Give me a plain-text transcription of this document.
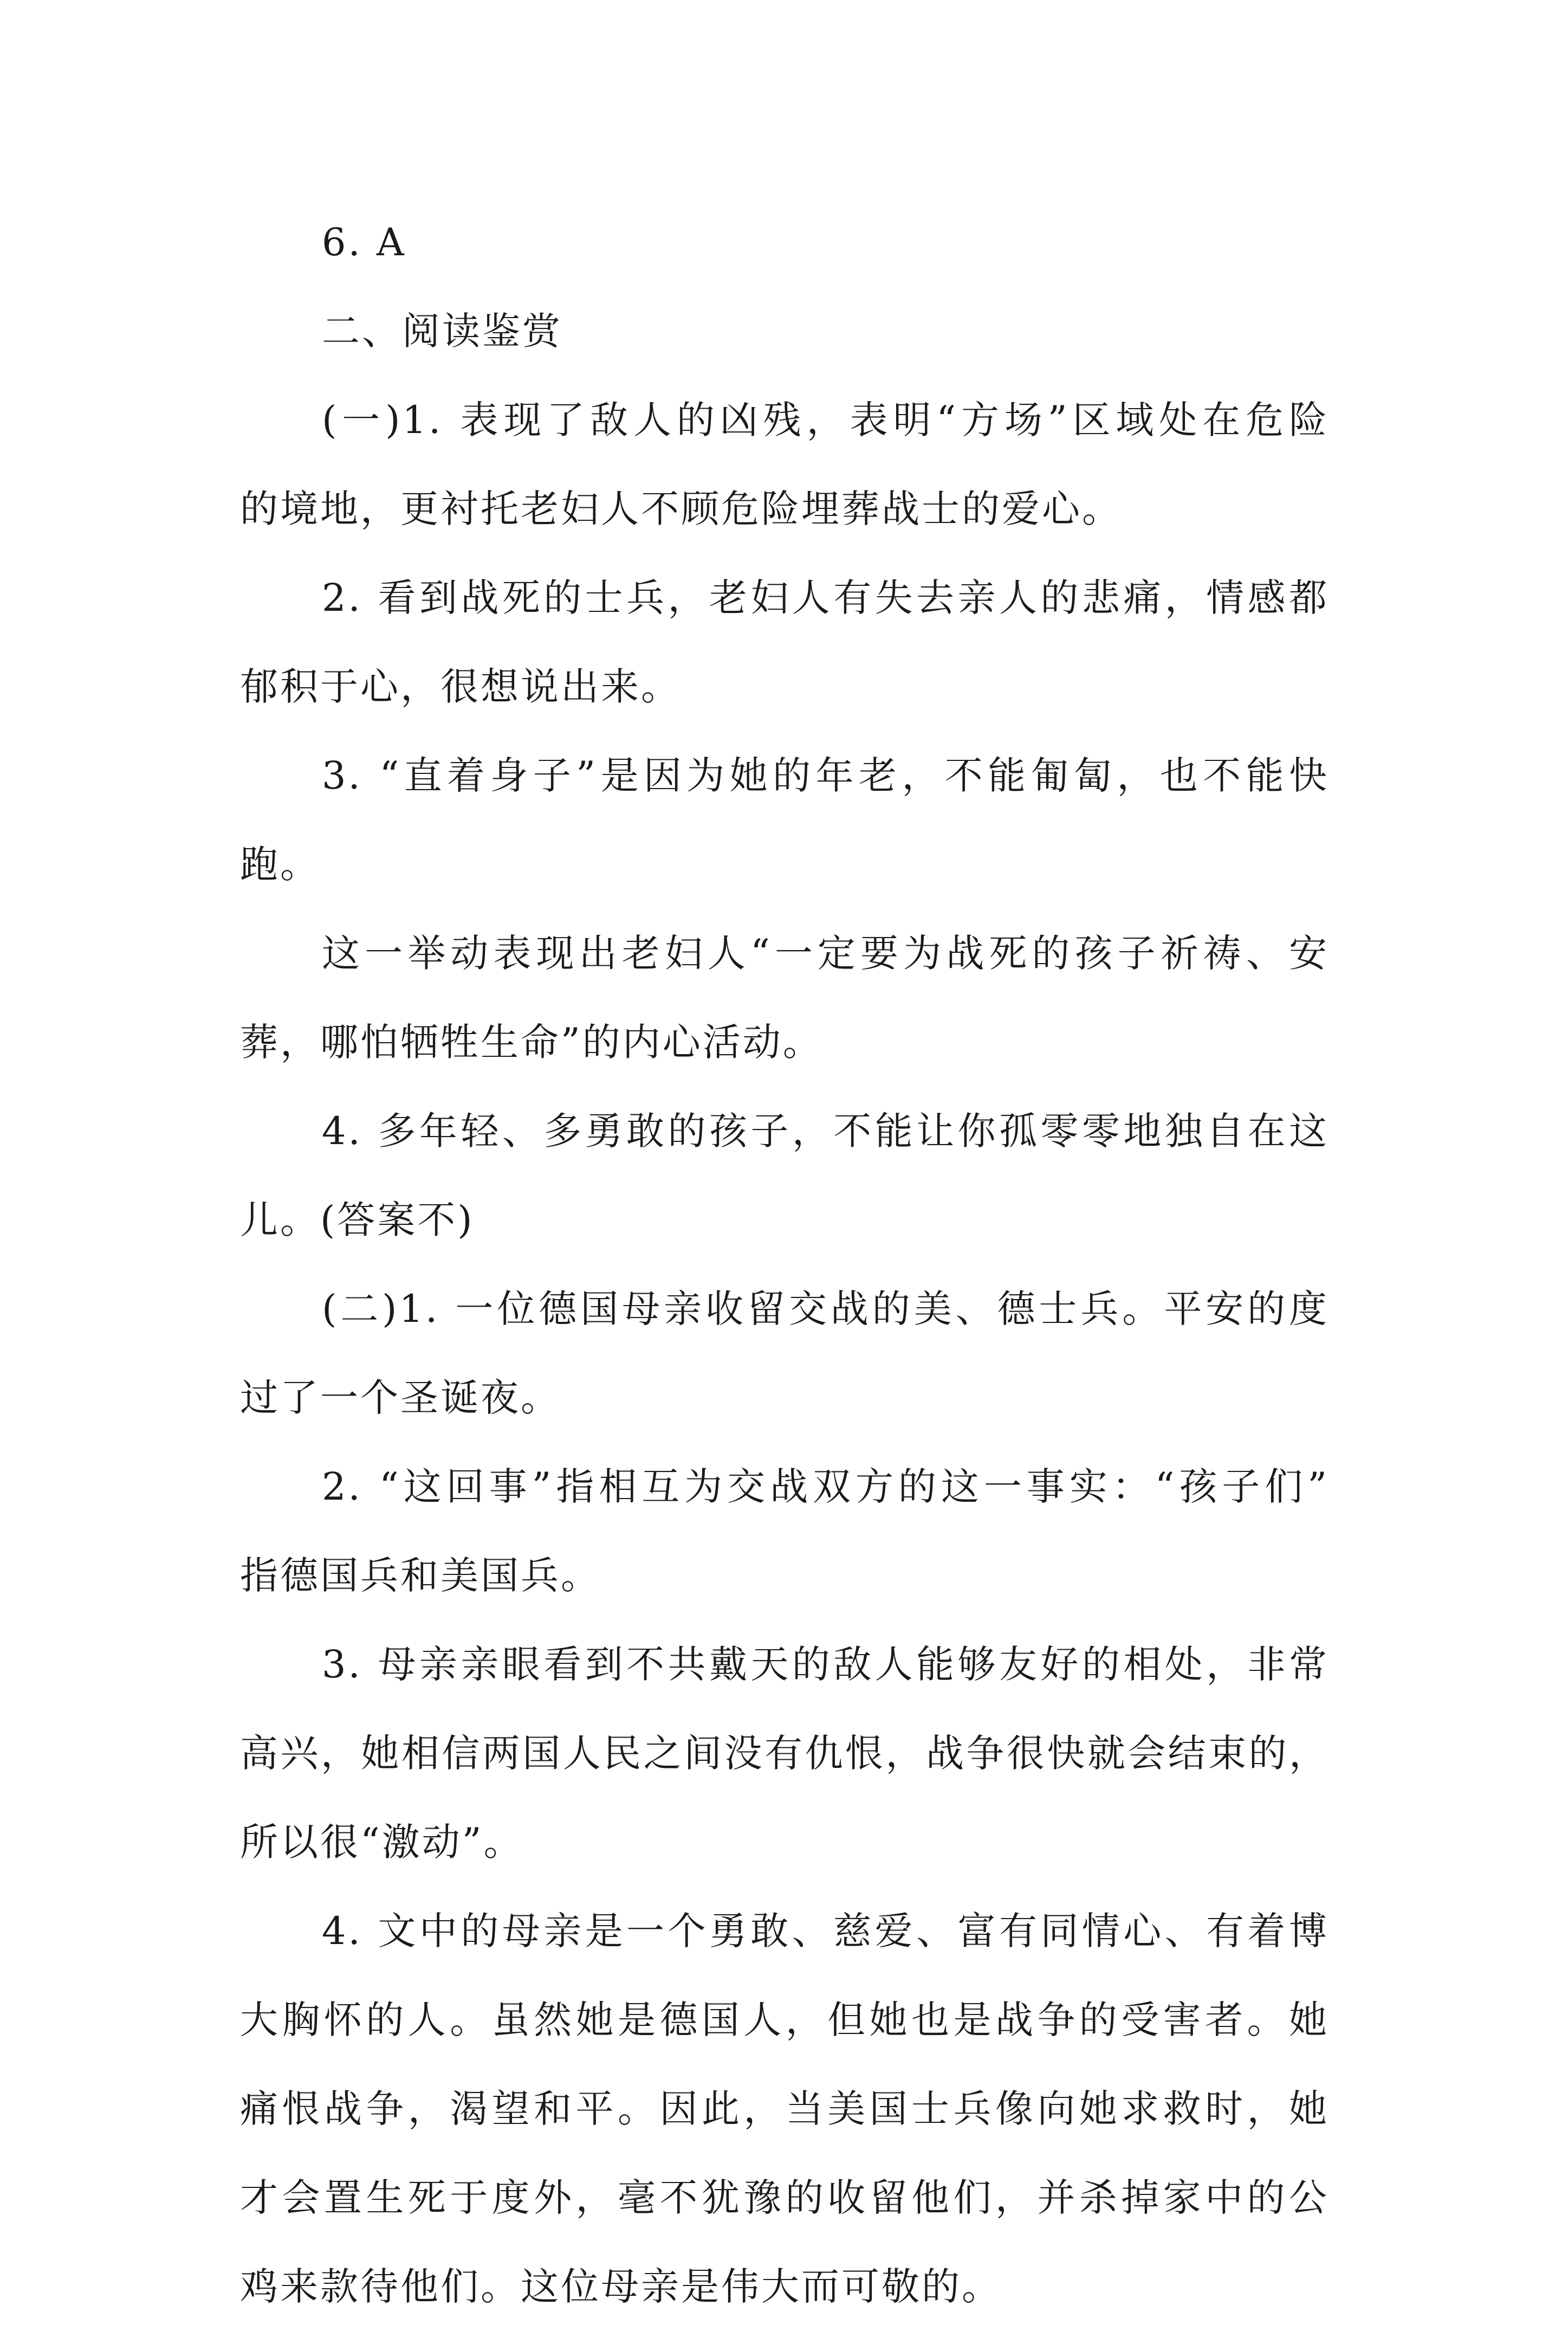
6. A
二、阅读鉴赏
(一)1. 表现了敌人的凶残，表明“方场”区域处在危险
的境地，更衬托老妇人不顾危险埋葬战士的爱心。
2. 看到战死的士兵，老妇人有失去亲人的悲痛，情感都
郁积于心，很想说出来。
3. “直着身子”是因为她的年老，不能匍匐，也不能快
跑。
这一举动表现出老妇人“一定要为战死的孩子祈祷、安
葬，哪怕牺牲生命”的内心活动。
4. 多年轻、多勇敢的孩子，不能让你孤零零地独自在这
儿。(答案不)
(二)1. 一位德国母亲收留交战的美、德士兵。平安的度
过了一个圣诞夜。
2. “这回事”指相互为交战双方的这一事实：“孩子们”
指德国兵和美国兵。
3. 母亲亲眼看到不共戴天的敌人能够友好的相处，非常
高兴，她相信两国人民之间没有仇恨，战争很快就会结束的，
所以很“激动”。
4. 文中的母亲是一个勇敢、慈爱、富有同情心、有着博
大胸怀的人。虽然她是德国人，但她也是战争的受害者。她
痛恨战争，渴望和平。因此，当美国士兵像向她求救时，她
才会置生死于度外，毫不犹豫的收留他们，并杀掉家中的公
鸡来款待他们。这位母亲是伟大而可敬的。
